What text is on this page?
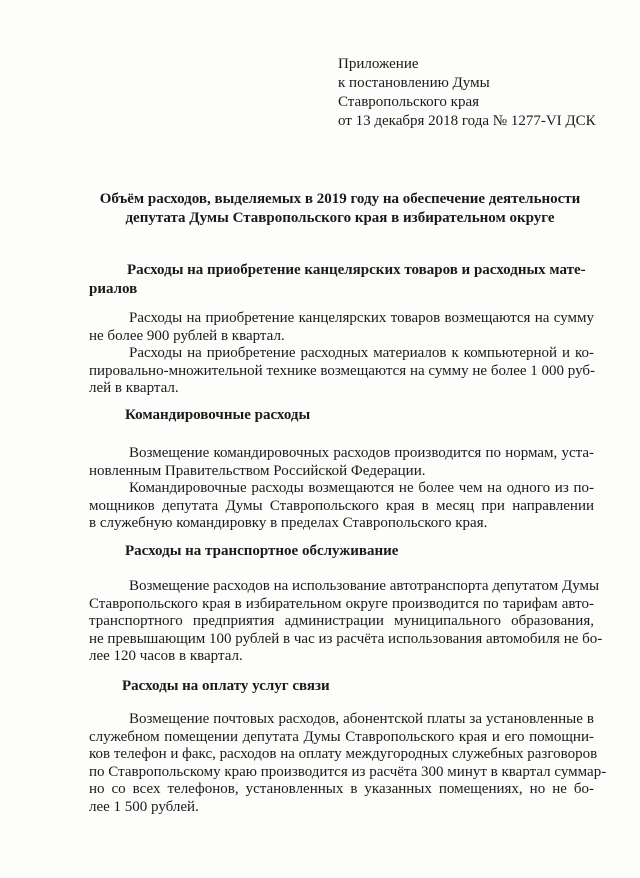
Приложение
к постановлению Думы
Ставропольского края
от 13 декабря 2018 года № 1277-VI ДСК
Объём расходов, выделяемых в 2019 году на обеспечение деятельности
депутата Думы Ставропольского края в избирательном округе
Расходы на приобретение канцелярских товаров и расходных мате-
риалов
Расходы на приобретение канцелярских товаров возмещаются на сумму
не более 900 рублей в квартал.
Расходы на приобретение расходных материалов к компьютерной и ко-
пировально-множительной технике возмещаются на сумму не более 1 000 руб-
лей в квартал.
Командировочные расходы
Возмещение командировочных расходов производится по нормам, уста-
новленным Правительством Российской Федерации.
Командировочные расходы возмещаются не более чем на одного из по-
мощников депутата Думы Ставропольского края в месяц при направлении
в служебную командировку в пределах Ставропольского края.
Расходы на транспортное обслуживание
Возмещение расходов на использование автотранспорта депутатом Думы
Ставропольского края в избирательном округе производится по тарифам авто-
транспортного предприятия администрации муниципального образования,
не превышающим 100 рублей в час из расчёта использования автомобиля не бо-
лее 120 часов в квартал.
Расходы на оплату услуг связи
Возмещение почтовых расходов, абонентской платы за установленные в
служебном помещении депутата Думы Ставропольского края и его помощни-
ков телефон и факс, расходов на оплату междугородных служебных разговоров
по Ставропольскому краю производится из расчёта 300 минут в квартал суммар-
но со всех телефонов, установленных в указанных помещениях, но не бо-
лее 1 500 рублей.
